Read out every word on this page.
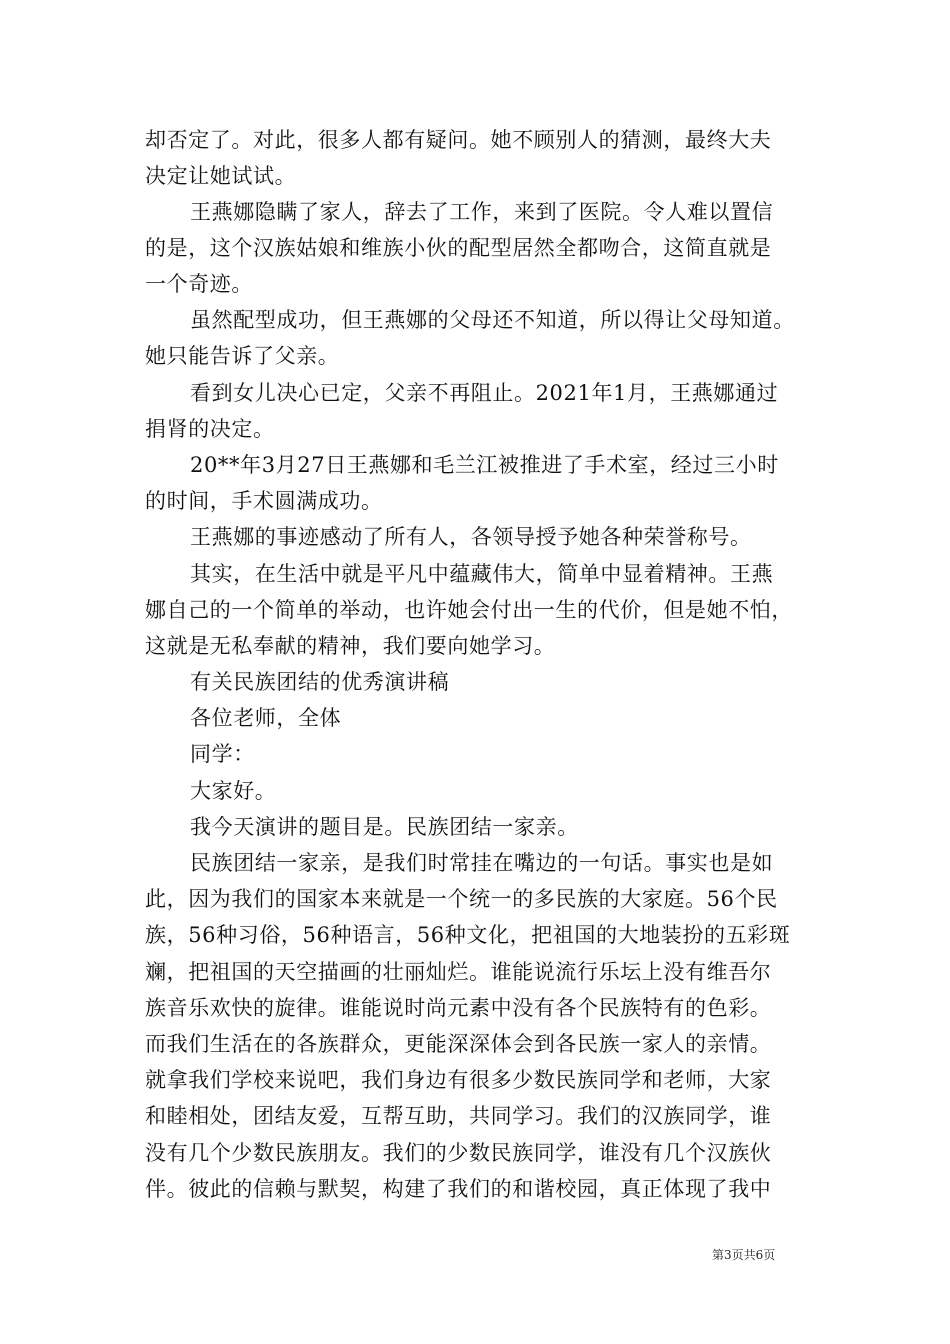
却否定了。对此，很多人都有疑问。她不顾别人的猜测，最终大夫
决定让她试试。
王燕娜隐瞒了家人，辞去了工作，来到了医院。令人难以置信
的是，这个汉族姑娘和维族小伙的配型居然全都吻合，这简直就是
一个奇迹。
虽然配型成功，但王燕娜的父母还不知道，所以得让父母知道。
她只能告诉了父亲。
看到女儿决心已定，父亲不再阻止。2021年1月，王燕娜通过
捐肾的决定。
20**年3月27日王燕娜和毛兰江被推进了手术室，经过三小时
的时间，手术圆满成功。
王燕娜的事迹感动了所有人，各领导授予她各种荣誉称号。
其实，在生活中就是平凡中蕴藏伟大，简单中显着精神。王燕
娜自己的一个简单的举动，也许她会付出一生的代价，但是她不怕，
这就是无私奉献的精神，我们要向她学习。
有关民族团结的优秀演讲稿
各位老师，全体
同学：
大家好。
我今天演讲的题目是。民族团结一家亲。
民族团结一家亲，是我们时常挂在嘴边的一句话。事实也是如
此，因为我们的国家本来就是一个统一的多民族的大家庭。56个民
族，56种习俗，56种语言，56种文化，把祖国的大地装扮的五彩斑
斓，把祖国的天空描画的壮丽灿烂。谁能说流行乐坛上没有维吾尔
族音乐欢快的旋律。谁能说时尚元素中没有各个民族特有的色彩。
而我们生活在的各族群众，更能深深体会到各民族一家人的亲情。
就拿我们学校来说吧，我们身边有很多少数民族同学和老师，大家
和睦相处，团结友爱，互帮互助，共同学习。我们的汉族同学，谁
没有几个少数民族朋友。我们的少数民族同学，谁没有几个汉族伙
伴。彼此的信赖与默契，构建了我们的和谐校园，真正体现了我中
第3页共6页
